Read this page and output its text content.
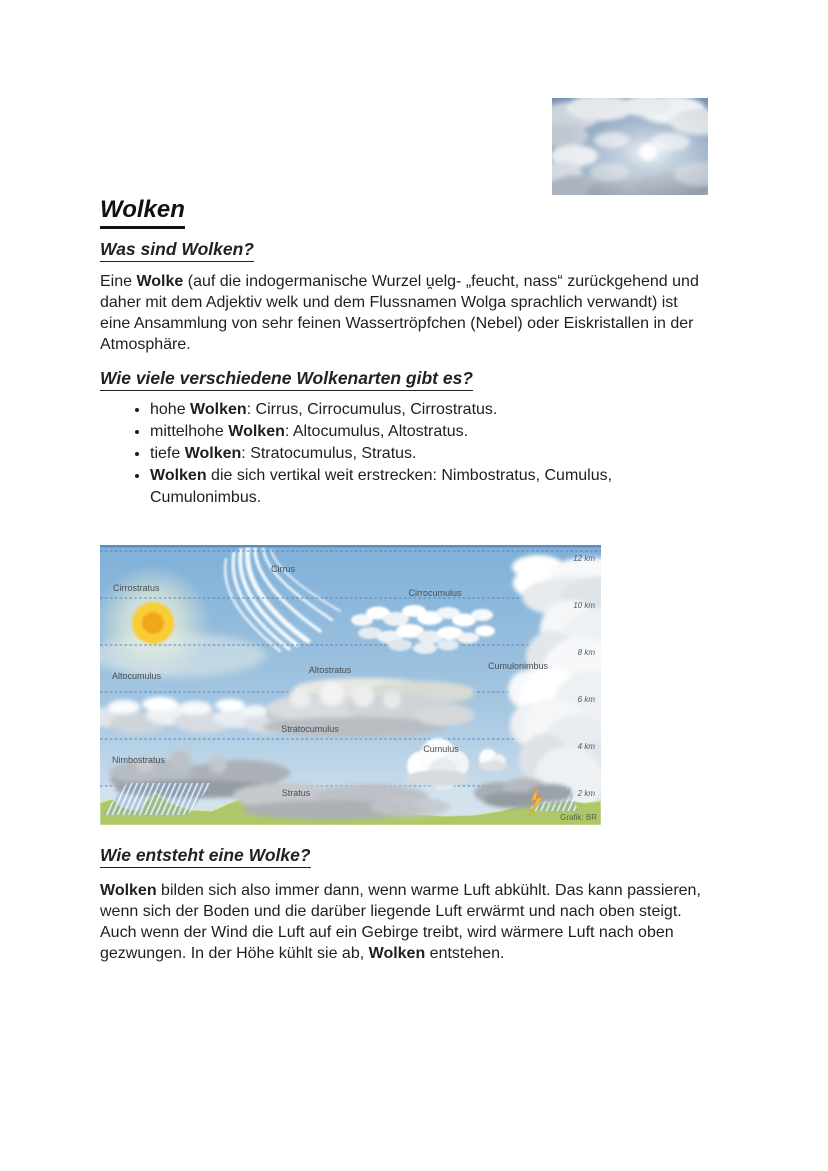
Wolken
Was sind Wolken?

Eine Wolke (auf die indogermanische Wurzel u̯elg- „feucht, nass“ zurückgehend und
daher mit dem Adjektiv welk und dem Flussnamen Wolga sprachlich verwandt) ist
eine Ansammlung von sehr feinen Wassertröpfchen (Nebel) oder Eiskristallen in der
Atmosphäre.

Wie viele verschiedene Wolkenarten gibt es?
• hohe Wolken: Cirrus, Cirrocumulus, Cirrostratus.
• mittelhohe Wolken: Altocumulus, Altostratus.
• tiefe Wolken: Stratocumulus, Stratus.
• Wolken die sich vertikal weit erstrecken: Nimbostratus, Cumulus,
Cumulonimbus.
Cirrus
Cirrostratus	Cirrocumulus
Altocumulus
Altostratus	Cumulonimbus
Stratocumulus
Cumulus
Nimbostratus
Stratus
12 km
10 km
8 km
6 km
4 km
2 km
Grafik: BR
Wie entsteht eine Wolke?

Wolken bilden sich also immer dann, wenn warme Luft abkühlt. Das kann passieren,
wenn sich der Boden und die darüber liegende Luft erwärmt und nach oben steigt.
Auch wenn der Wind die Luft auf ein Gebirge treibt, wird wärmere Luft nach oben
gezwungen. In der Höhe kühlt sie ab, Wolken entstehen.
